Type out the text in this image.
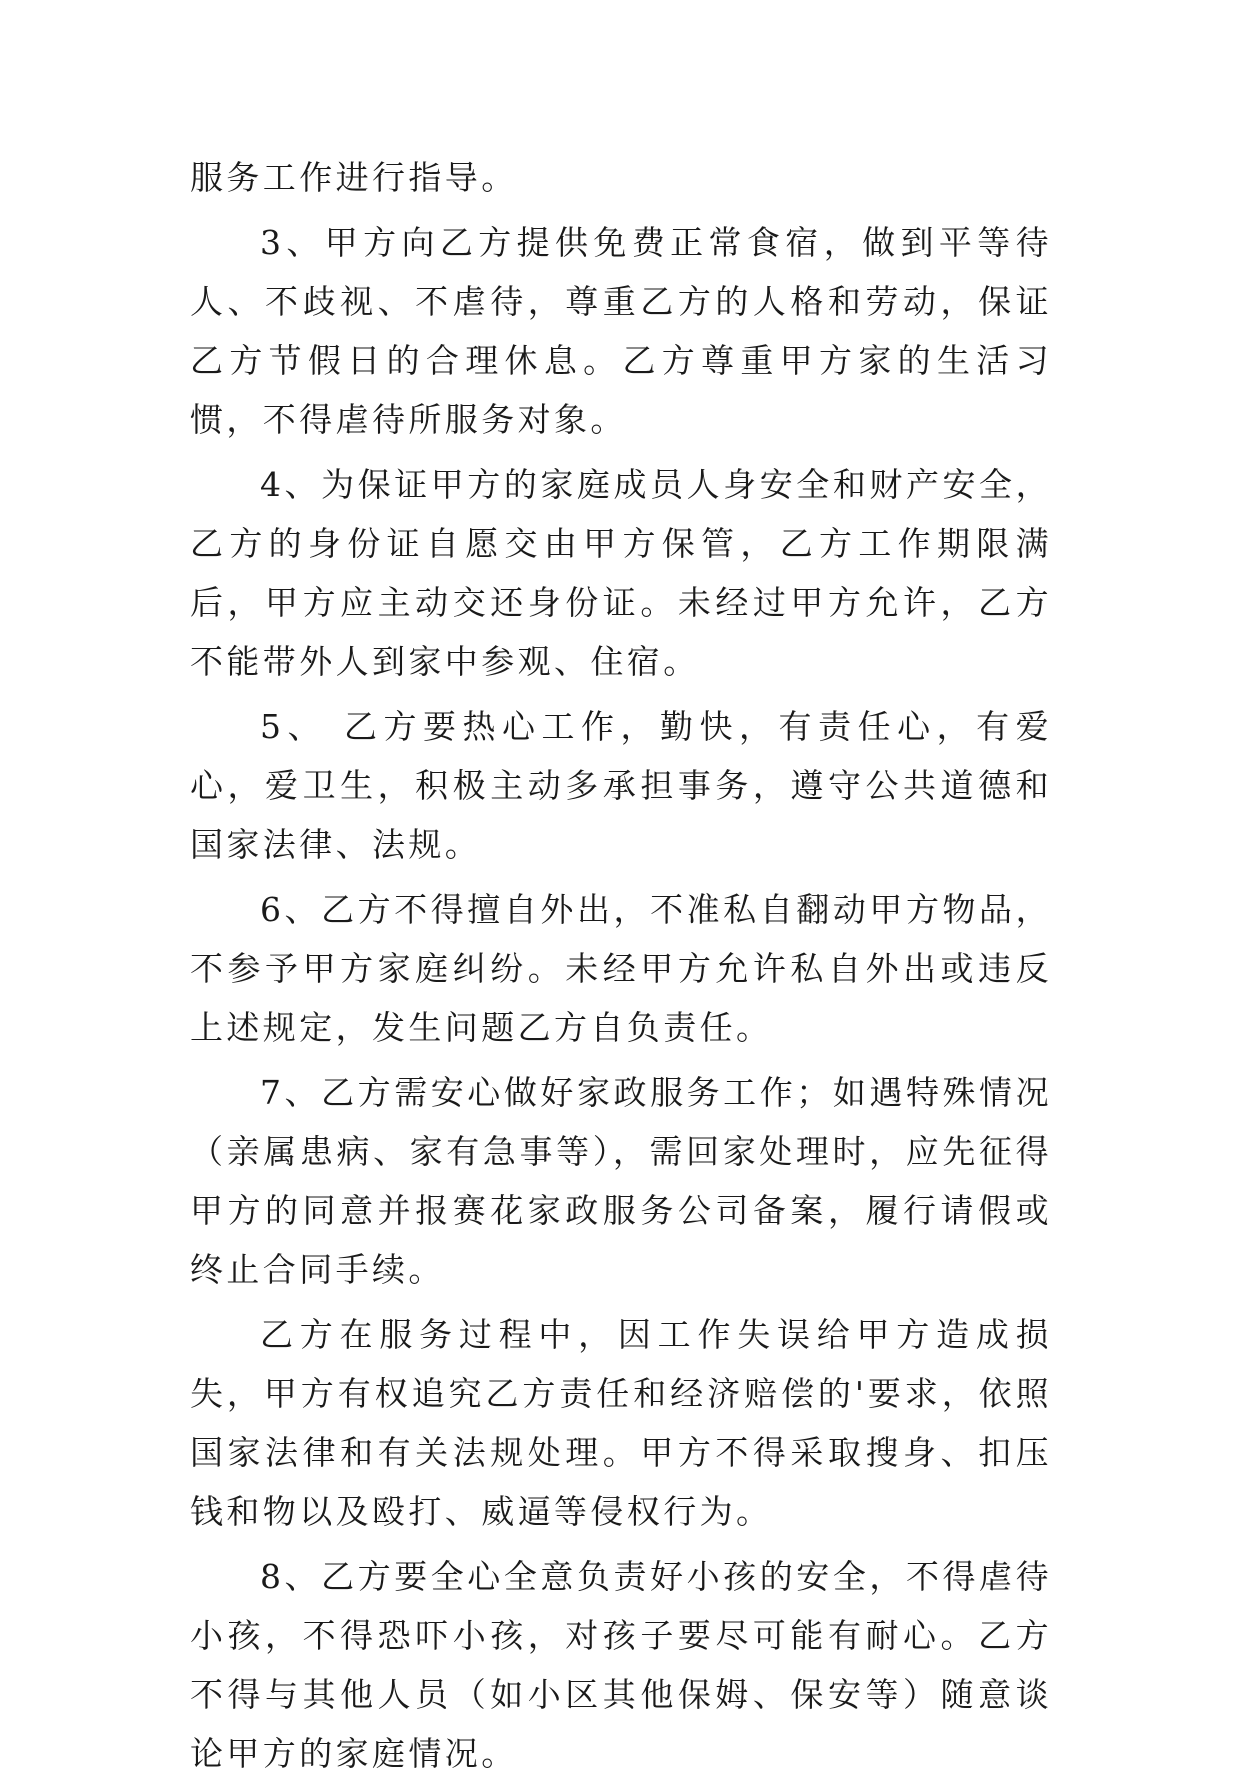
服务工作进行指导。

3、甲方向乙方提供免费正常食宿，做到平等待人、不歧视、不虐待，尊重乙方的人格和劳动，保证乙方节假日的合理休息。乙方尊重甲方家的生活习惯，不得虐待所服务对象。

4、为保证甲方的家庭成员人身安全和财产安全，乙方的身份证自愿交由甲方保管，乙方工作期限满后，甲方应主动交还身份证。未经过甲方允许，乙方不能带外人到家中参观、住宿。

5、 乙方要热心工作，勤快，有责任心，有爱心，爱卫生，积极主动多承担事务，遵守公共道德和国家法律、法规。

6、乙方不得擅自外出，不准私自翻动甲方物品，不参予甲方家庭纠纷。未经甲方允许私自外出或违反上述规定，发生问题乙方自负责任。

7、乙方需安心做好家政服务工作；如遇特殊情况（亲属患病、家有急事等），需回家处理时，应先征得甲方的同意并报赛花家政服务公司备案，履行请假或终止合同手续。

乙方在服务过程中，因工作失误给甲方造成损失，甲方有权追究乙方责任和经济赔偿的'要求，依照国家法律和有关法规处理。甲方不得采取搜身、扣压钱和物以及殴打、威逼等侵权行为。

8、乙方要全心全意负责好小孩的安全，不得虐待小孩，不得恐吓小孩，对孩子要尽可能有耐心。乙方不得与其他人员（如小区其他保姆、保安等）随意谈论甲方的家庭情况。
